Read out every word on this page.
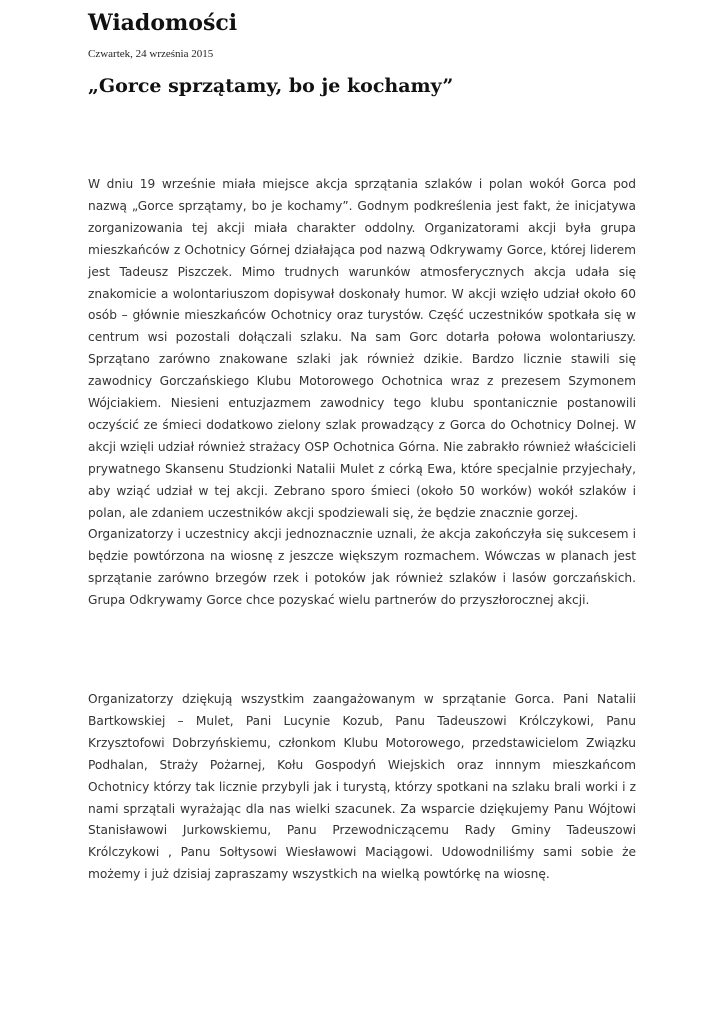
Wiadomości

Czwartek, 24 września 2015

„Gorce sprzątamy, bo je kochamy”

W dniu 19 wrześnie miała miejsce akcja sprzątania szlaków i polan wokół Gorca pod nazwą „Gorce sprzątamy, bo je kochamy”. Godnym podkreślenia jest fakt, że inicjatywa zorganizowania tej akcji miała charakter oddolny. Organizatorami akcji była grupa mieszkańców z Ochotnicy Górnej działająca pod nazwą Odkrywamy Gorce, której liderem jest Tadeusz Piszczek. Mimo trudnych warunków atmosferycznych akcja udała się znakomicie a wolontariuszom dopisywał doskonały humor. W akcji wzięło udział około 60 osób – głównie mieszkańców Ochotnicy oraz turystów. Część uczestników spotkała się w centrum wsi pozostali dołączali szlaku. Na sam Gorc dotarła połowa wolontariuszy. Sprzątano zarówno znakowane szlaki jak również dzikie. Bardzo licznie stawili się zawodnicy Gorczańskiego Klubu Motorowego Ochotnica wraz z prezesem Szymonem Wójciakiem. Niesieni entuzjazmem zawodnicy tego klubu spontanicznie postanowili oczyścić ze śmieci dodatkowo zielony szlak prowadzący z Gorca do Ochotnicy Dolnej. W akcji wzięli udział również strażacy OSP Ochotnica Górna. Nie zabrakło również właścicieli prywatnego Skansenu Studzionki Natalii Mulet z córką Ewa, które specjalnie przyjechały, aby wziąć udział w tej akcji. Zebrano sporo śmieci (około 50 worków) wokół szlaków i polan, ale zdaniem uczestników akcji spodziewali się, że będzie znacznie gorzej.

Organizatorzy i uczestnicy akcji jednoznacznie uznali, że akcja zakończyła się sukcesem i będzie powtórzona na wiosnę z jeszcze większym rozmachem. Wówczas w planach jest sprzątanie zarówno brzegów rzek i potoków jak również szlaków i lasów gorczańskich. Grupa Odkrywamy Gorce chce pozyskać wielu partnerów do przyszłorocznej akcji.

Organizatorzy dziękują wszystkim zaangażowanym w sprzątanie Gorca. Pani Natalii Bartkowskiej – Mulet, Pani Lucynie Kozub, Panu Tadeuszowi Królczykowi, Panu Krzysztofowi Dobrzyńskiemu, członkom Klubu Motorowego, przedstawicielom Związku Podhalan, Straży Pożarnej, Kołu Gospodyń Wiejskich oraz innnym mieszkańcom Ochotnicy którzy tak licznie przybyli jak i turystą, którzy spotkani na szlaku brali worki i z nami sprzątali wyrażając dla nas wielki szacunek. Za wsparcie dziękujemy Panu Wójtowi Stanisławowi Jurkowskiemu, Panu Przewodniczącemu Rady Gminy Tadeuszowi Królczykowi , Panu Sołtysowi Wiesławowi Maciągowi. Udowodniliśmy sami sobie że możemy i już dzisiaj zapraszamy wszystkich na wielką powtórkę na wiosnę.
